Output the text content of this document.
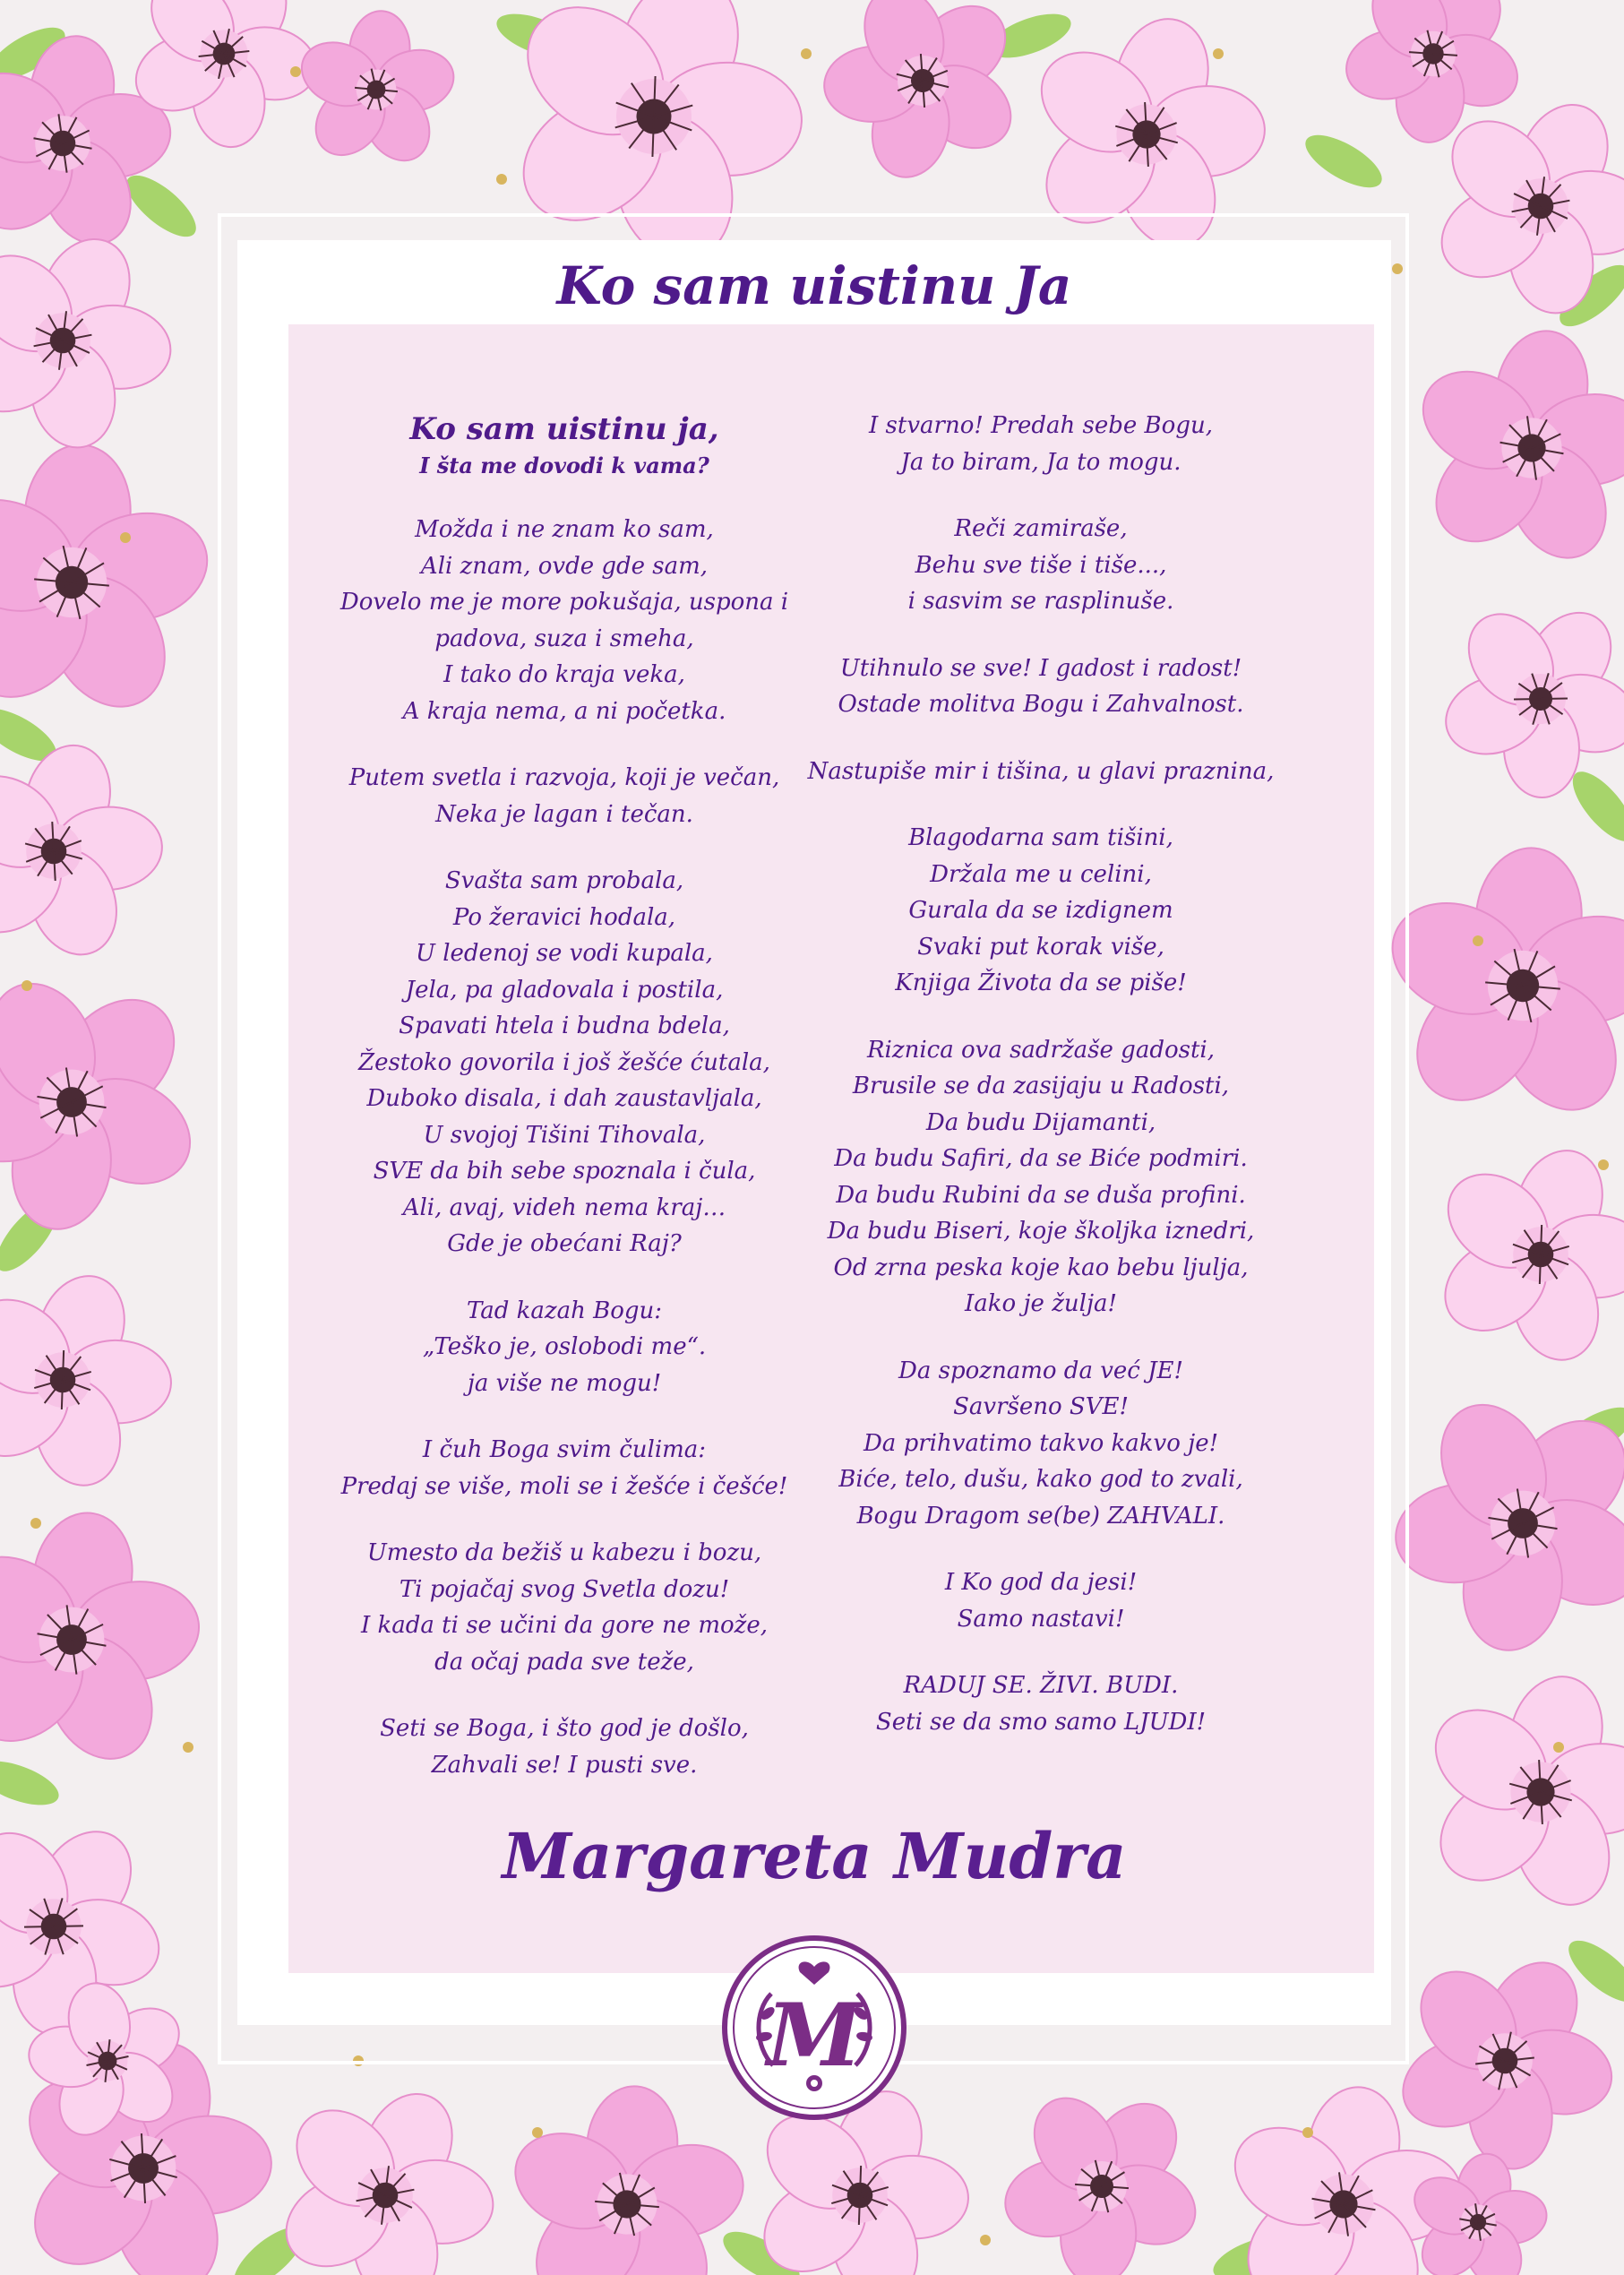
Ko sam uistinu Ja
Ko sam uistinu ja,
I šta me dovodi k vama?
Možda i ne znam ko sam,
Ali znam, ovde gde sam,
Dovelo me je more pokušaja, uspona i padova, suza i smeha,
I tako do kraja veka,
A kraja nema, a ni početka.
Putem svetla i razvoja, koji je večan,
Neka je lagan i tečan.
Svašta sam probala,
Po žeravici hodala,
U ledenoj se vodi kupala,
Jela, pa gladovala i postila,
Spavati htela i budna bdela,
Žestoko govorila i još žešće ćutala,
Duboko disala, i dah zaustavljala,
U svojoj Tišini Tihovala,
SVE da bih sebe spoznala i čula,
Ali, avaj, videh nema kraj…
Gde je obećani Raj?
Tad kazah Bogu:
„Teško je, oslobodi me“.
ja više ne mogu!
I čuh Boga svim čulima:
Predaj se više, moli se i žešće i češće!
Umesto da bežiš u kabezu i bozu,
Ti pojačaj svog Svetla dozu!
I kada ti se učini da gore ne može,
da očaj pada sve teže,
Seti se Boga, i što god je došlo,
Zahvali se! I pusti sve.
I stvarno! Predah sebe Bogu,
Ja to biram, Ja to mogu.
Reči zamiraše,
Behu sve tiše i tiše...,
i sasvim se rasplinuše.
Utihnulo se sve! I gadost i radost!
Ostade molitva Bogu i Zahvalnost.
Nastupiše mir i tišina, u glavi praznina,
Blagodarna sam tišini,
Držala me u celini,
Gurala da se izdignem
Svaki put korak više,
Knjiga Života da se piše!
Riznica ova sadržaše gadosti,
Brusile se da zasijaju u Radosti,
Da budu Dijamanti,
Da budu Safiri, da se Biće podmiri.
Da budu Rubini da se duša profini.
Da budu Biseri, koje školjka iznedri,
Od zrna peska koje kao bebu ljulja,
Iako je žulja!
Da spoznamo da već JE!
Savršeno SVE!
Da prihvatimo takvo kakvo je!
Biće, telo, dušu, kako god to zvali,
Bogu Dragom se(be) ZAHVALI.
I Ko god da jesi!
Samo nastavi!
RADUJ SE. ŽIVI. BUDI.
Seti se da smo samo LJUDI!
Margareta Mudra
M
